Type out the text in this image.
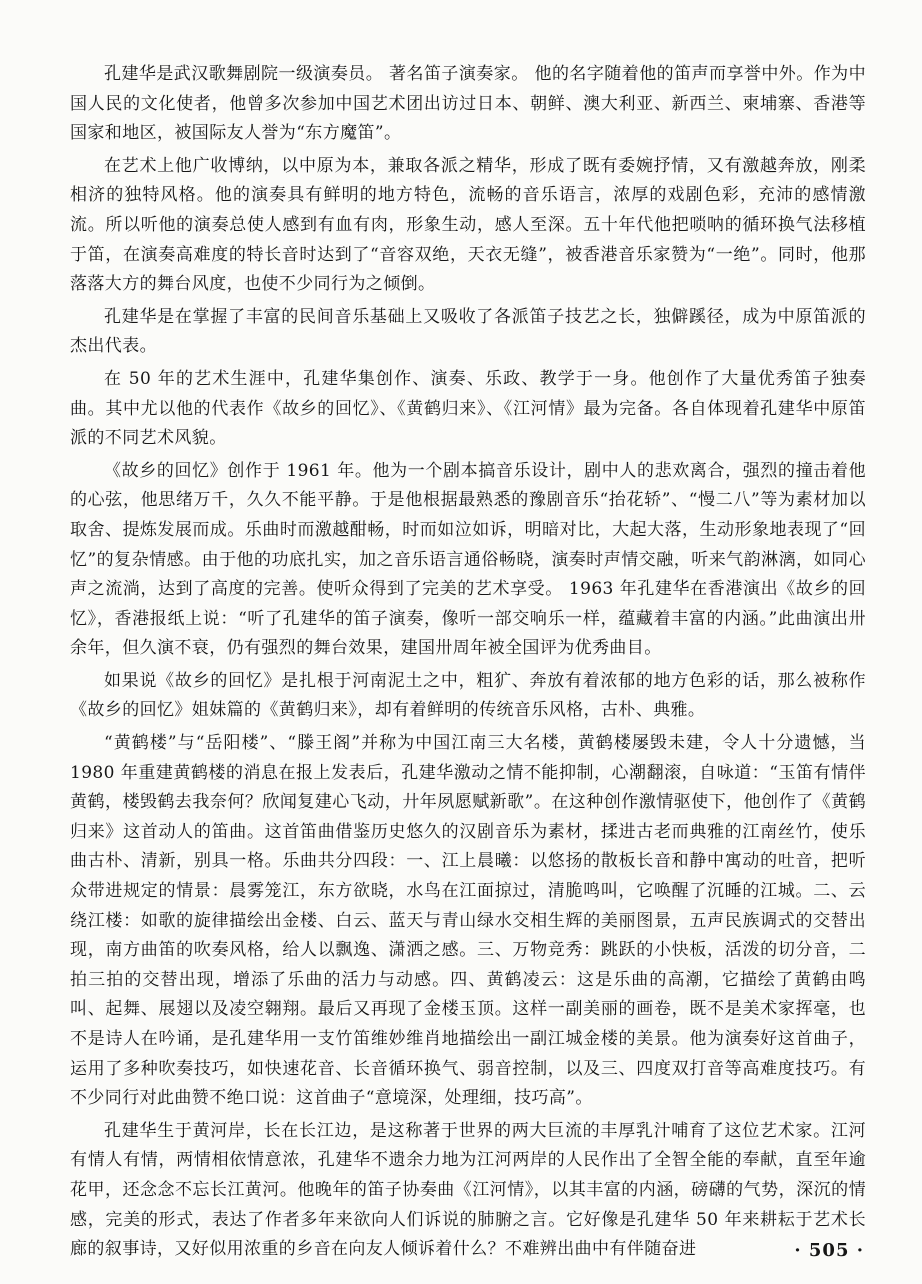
孔建华是武汉歌舞剧院一级演奏员。 著名笛子演奏家。 他的名字随着他的笛声而享誉中外。作为中国人民的文化使者，他曾多次参加中国艺术团出访过日本、朝鲜、澳大利亚、新西兰、柬埔寨、香港等国家和地区，被国际友人誉为“东方魔笛”。

在艺术上他广收博纳，以中原为本，兼取各派之精华，形成了既有委婉抒情，又有激越奔放，刚柔相济的独特风格。他的演奏具有鲜明的地方特色，流畅的音乐语言，浓厚的戏剧色彩，充沛的感情激流。所以听他的演奏总使人感到有血有肉，形象生动，感人至深。五十年代他把唢呐的循环换气法移植于笛，在演奏高难度的特长音时达到了“音容双绝，天衣无缝”，被香港音乐家赞为“一绝”。同时，他那落落大方的舞台风度，也使不少同行为之倾倒。

孔建华是在掌握了丰富的民间音乐基础上又吸收了各派笛子技艺之长，独僻蹊径，成为中原笛派的杰出代表。

在 50 年的艺术生涯中，孔建华集创作、演奏、乐政、教学于一身。他创作了大量优秀笛子独奏曲。其中尤以他的代表作《故乡的回忆》、《黄鹤归来》、《江河情》最为完备。各自体现着孔建华中原笛派的不同艺术风貌。

《故乡的回忆》创作于 1961 年。他为一个剧本搞音乐设计，剧中人的悲欢离合，强烈的撞击着他的心弦，他思绪万千，久久不能平静。于是他根据最熟悉的豫剧音乐“抬花轿”、“慢二八”等为素材加以取舍、提炼发展而成。乐曲时而激越酣畅，时而如泣如诉，明暗对比，大起大落，生动形象地表现了“回忆”的复杂情感。由于他的功底扎实，加之音乐语言通俗畅晓，演奏时声情交融，听来气韵淋漓，如同心声之流淌，达到了高度的完善。使听众得到了完美的艺术享受。 1963 年孔建华在香港演出《故乡的回忆》，香港报纸上说：“听了孔建华的笛子演奏，像听一部交响乐一样，蕴藏着丰富的内涵。”此曲演出卅余年，但久演不衰，仍有强烈的舞台效果，建国卅周年被全国评为优秀曲目。

如果说《故乡的回忆》是扎根于河南泥土之中，粗犷、奔放有着浓郁的地方色彩的话，那么被称作《故乡的回忆》姐妹篇的《黄鹤归来》，却有着鲜明的传统音乐风格，古朴、典雅。

“黄鹤楼”与“岳阳楼”、“滕王阁”并称为中国江南三大名楼，黄鹤楼屡毁未建，令人十分遗憾，当 1980 年重建黄鹤楼的消息在报上发表后，孔建华激动之情不能抑制，心潮翻滚，自咏道：“玉笛有情伴黄鹤，楼毁鹤去我奈何？欣闻复建心飞动，廾年夙愿赋新歌”。在这种创作激情驱使下，他创作了《黄鹤归来》这首动人的笛曲。这首笛曲借鉴历史悠久的汉剧音乐为素材，揉进古老而典雅的江南丝竹，使乐曲古朴、清新，别具一格。乐曲共分四段：一、江上晨曦：以悠扬的散板长音和静中寓动的吐音，把听众带进规定的情景：晨雾笼江，东方欲晓，水鸟在江面掠过，清脆鸣叫，它唤醒了沉睡的江城。二、云绕江楼：如歌的旋律描绘出金楼、白云、蓝天与青山绿水交相生辉的美丽图景，五声民族调式的交替出现，南方曲笛的吹奏风格，给人以飘逸、潇洒之感。三、万物竞秀：跳跃的小快板，活泼的切分音，二拍三拍的交替出现，增添了乐曲的活力与动感。四、黄鹤凌云：这是乐曲的高潮，它描绘了黄鹤由鸣叫、起舞、展翅以及凌空翱翔。最后又再现了金楼玉顶。这样一副美丽的画卷，既不是美术家挥毫，也不是诗人在吟诵，是孔建华用一支竹笛维妙维肖地描绘出一副江城金楼的美景。他为演奏好这首曲子，运用了多种吹奏技巧，如快速花音、长音循环换气、弱音控制，以及三、四度双打音等高难度技巧。有不少同行对此曲赞不绝口说：这首曲子“意境深，处理细，技巧高”。

孔建华生于黄河岸，长在长江边，是这称著于世界的两大巨流的丰厚乳汁哺育了这位艺术家。江河有情人有情，两情相依情意浓，孔建华不遗余力地为江河两岸的人民作出了全智全能的奉献，直至年逾花甲，还念念不忘长江黄河。他晚年的笛子协奏曲《江河情》，以其丰富的内涵，磅礴的气势，深沉的情感，完美的形式，表达了作者多年来欲向人们诉说的肺腑之言。它好像是孔建华 50 年来耕耘于艺术长廊的叙事诗，又好似用浓重的乡音在向友人倾诉着什么？不难辨出曲中有伴随奋进	· 505 ·
